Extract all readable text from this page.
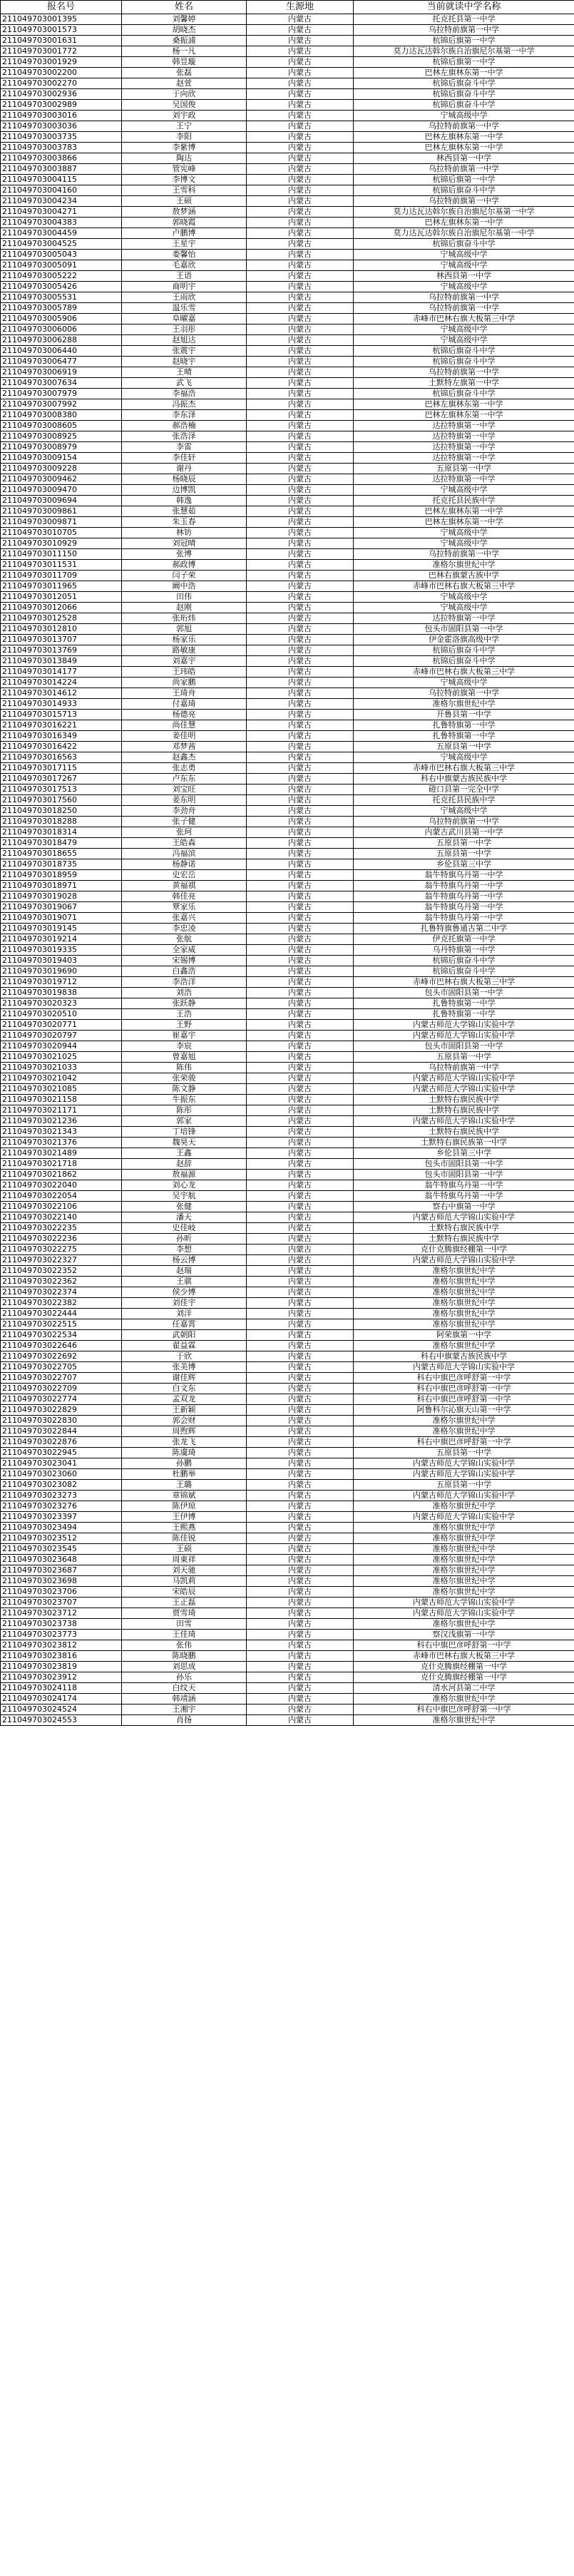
报名号	姓名	生源地	当前就读中学名称
211049703001395	刘馨婷	内蒙古	托克托县第一中学
211049703001573	胡晓杰	内蒙古	乌拉特前旗第一中学
211049703001631	桑振浦	内蒙古	杭锦后旗第一中学
211049703001772	杨一凡	内蒙古	莫力达瓦达斡尔族自治旗尼尔基第一中学
211049703001929	韩昱璇	内蒙古	杭锦后旗第一中学
211049703002200	张磊	内蒙古	巴林左旗林东第一中学
211049703002270	赵萱	内蒙古	杭锦后旗奋斗中学
211049703002936	于向欣	内蒙古	杭锦后旗奋斗中学
211049703002989	吴国俊	内蒙古	杭锦后旗奋斗中学
211049703003016	刘宇政	内蒙古	宁城高级中学
211049703003036	王宁	内蒙古	乌拉特前旗第一中学
211049703003735	李阳	内蒙古	巴林左旗林东第一中学
211049703003783	李紫博	内蒙古	巴林左旗林东第一中学
211049703003866	陶达	内蒙古	林西县第一中学
211049703003887	管宪峰	内蒙古	乌拉特前旗第一中学
211049703004115	李博文	内蒙古	杭锦后旗第一中学
211049703004160	王雪科	内蒙古	杭锦后旗奋斗中学
211049703004234	王硕	内蒙古	乌拉特前旗第一中学
211049703004271	敖梦涵	内蒙古	莫力达瓦达斡尔族自治旗尼尔基第一中学
211049703004383	郭晓霞	内蒙古	巴林左旗林东第一中学
211049703004459	卢鹏博	内蒙古	莫力达瓦达斡尔族自治旗尼尔基第一中学
211049703004525	王星宇	内蒙古	杭锦后旗奋斗中学
211049703005043	娄馨怡	内蒙古	宁城高级中学
211049703005091	毛嘉欣	内蒙古	宁城高级中学
211049703005222	王语	内蒙古	林西县第一中学
211049703005426	商明宇	内蒙古	宁城高级中学
211049703005531	王雨欣	内蒙古	乌拉特前旗第一中学
211049703005789	温乐雪	内蒙古	乌拉特前旗第一中学
211049703005906	阜曜嘉	内蒙古	赤峰市巴林右旗大板第三中学
211049703006006	王羽彤	内蒙古	宁城高级中学
211049703006288	赵旭达	内蒙古	宁城高级中学
211049703006440	张震宇	内蒙古	杭锦后旗奋斗中学
211049703006477	赵晓宇	内蒙古	杭锦后旗奋斗中学
211049703006919	王晴	内蒙古	乌拉特前旗第一中学
211049703007634	武飞	内蒙古	土默特左旗第一中学
211049703007979	李福浩	内蒙古	杭锦后旗奋斗中学
211049703007992	冯振杰	内蒙古	巴林左旗林东第一中学
211049703008380	李东泽	内蒙古	巴林左旗林东第一中学
211049703008605	郝浩楠	内蒙古	达拉特旗第一中学
211049703008925	张浩泽	内蒙古	达拉特旗第一中学
211049703008979	李雷	内蒙古	达拉特旗第一中学
211049703009154	李佳轩	内蒙古	达拉特旗第一中学
211049703009228	谢丹	内蒙古	五原县第一中学
211049703009462	杨晓辰	内蒙古	达拉特旗第一中学
211049703009470	边博凯	内蒙古	宁城高级中学
211049703009694	韩逸	内蒙古	托克托县民族中学
211049703009861	张慧茹	内蒙古	巴林左旗林东第一中学
211049703009871	朱玉春	内蒙古	巴林左旗林东第一中学
211049703010705	林钫	内蒙古	宁城高级中学
211049703010929	刘冠晴	内蒙古	宁城高级中学
211049703011150	张博	内蒙古	乌拉特前旗第一中学
211049703011531	郝政博	内蒙古	准格尔旗世纪中学
211049703011709	闫子荣	内蒙古	巴林右旗蒙古族中学
211049703011965	阚中浩	内蒙古	赤峰市巴林右旗大板第三中学
211049703012051	田伟	内蒙古	宁城高级中学
211049703012066	赵刚	内蒙古	宁城高级中学
211049703012528	张珩炜	内蒙古	达拉特旗第一中学
211049703012810	郭旭	内蒙古	包头市固阳县第一中学
211049703013707	杨家乐	内蒙古	伊金霍洛旗高级中学
211049703013769	路敏康	内蒙古	杭锦后旗奋斗中学
211049703013849	刘嘉宇	内蒙古	杭锦后旗奋斗中学
211049703014177	王玮皓	内蒙古	赤峰市巴林右旗大板第三中学
211049703014224	尚家鹏	内蒙古	宁城高级中学
211049703014612	王琦舟	内蒙古	乌拉特前旗第一中学
211049703014933	付嘉琦	内蒙古	准格尔旗世纪中学
211049703015713	杨德亮	内蒙古	开鲁县第一中学
211049703016221	尚佳慧	内蒙古	扎鲁特旗第一中学
211049703016349	姜佳明	内蒙古	扎鲁特旗第一中学
211049703016422	邓梦茜	内蒙古	五原县第一中学
211049703016563	赵鑫杰	内蒙古	宁城高级中学
211049703017115	张志勇	内蒙古	赤峰市巴林右旗大板第三中学
211049703017267	卢东东	内蒙古	科右中旗蒙古族民族中学
211049703017513	刘宝旺	内蒙古	磴口县第一完全中学
211049703017560	姜东明	内蒙古	托克托县民族中学
211049703018250	李劲舟	内蒙古	宁城高级中学
211049703018288	张子健	内蒙古	乌拉特前旗第一中学
211049703018314	张珂	内蒙古	内蒙古武川县第一中学
211049703018479	王皓森	内蒙古	五原县第一中学
211049703018655	冯福滨	内蒙古	五原县第一中学
211049703018735	杨静诺	内蒙古	乡伦县第三中学
211049703018959	史宏岳	内蒙古	翁牛特旗乌丹第一中学
211049703018971	黄福祺	内蒙古	翁牛特旗乌丹第一中学
211049703019028	韩佳亮	内蒙古	翁牛特旗乌丹第一中学
211049703019067	覃家乐	内蒙古	翁牛特旗乌丹第一中学
211049703019071	张嘉兴	内蒙古	翁牛特旗乌丹第一中学
211049703019145	李忠凌	内蒙古	扎鲁特旗鲁通古第二中学
211049703019214	张航	内蒙古	伊克托旗第一中学
211049703019335	全家威	内蒙古	乌丹特旗第一中学
211049703019403	宋锡博	内蒙古	杭锦后旗奋斗中学
211049703019690	白鑫浩	内蒙古	杭锦后旗奋斗中学
211049703019712	李浩洋	内蒙古	赤峰市巴林右旗大板第三中学
211049703019838	刘浩	内蒙古	包头市固阳县第一中学
211049703020323	张跃静	内蒙古	扎鲁特旗第一中学
211049703020510	王浩	内蒙古	扎鲁特旗第一中学
211049703020771	王野	内蒙古	内蒙古师范大学锦山实验中学
211049703020797	崔嘉宇	内蒙古	内蒙古师范大学锦山实验中学
211049703020944	李宸	内蒙古	包头市固阳县第一中学
211049703021025	曾嘉旭	内蒙古	五原县第一中学
211049703021033	陈伟	内蒙古	乌拉特前旗第一中学
211049703021042	张荣骏	内蒙古	内蒙古师范大学锦山实验中学
211049703021085	陈文静	内蒙古	内蒙古师范大学锦山实验中学
211049703021158	牛振东	内蒙古	土默特右旗民族中学
211049703021171	陈彤	内蒙古	土默特右旗民族中学
211049703021236	郭家	内蒙古	内蒙古师范大学锦山实验中学
211049703021343	丁培锋	内蒙古	土默特右旗民族中学
211049703021376	魏昊天	内蒙古	土默特右旗民族第一中学
211049703021489	王鑫	内蒙古	乡伦县第三中学
211049703021718	赵辞	内蒙古	包头市固阳县第一中学
211049703021862	敖福源	内蒙古	包头市固阳县第一中学
211049703022040	刘心龙	内蒙古	翁牛特旗乌丹第一中学
211049703022054	吴宇航	内蒙古	翁牛特旗乌丹第一中学
211049703022106	张健	内蒙古	察右中旗第一中学
211049703022140	潘天	内蒙古	内蒙古师范大学锦山实验中学
211049703022235	史佳岐	内蒙古	土默特右旗民族中学
211049703022236	孙昕	内蒙古	土默特右旗民族中学
211049703022275	李想	内蒙古	克什克腾旗经棚第一中学
211049703022327	杨云博	内蒙古	内蒙古师范大学锦山实验中学
211049703022352	赵瑞	内蒙古	准格尔旗世纪中学
211049703022362	王骐	内蒙古	准格尔旗世纪中学
211049703022374	侯少博	内蒙古	准格尔旗世纪中学
211049703022382	刘佳宇	内蒙古	准格尔旗世纪中学
211049703022444	刘洋	内蒙古	准格尔旗世纪中学
211049703022515	任嘉霄	内蒙古	准格尔旗世纪中学
211049703022534	武朝阳	内蒙古	阿荣旗第一中学
211049703022646	翟益霖	内蒙古	准格尔旗世纪中学
211049703022692	于欣	内蒙古	科右中旗蒙古族民族中学
211049703022705	张美博	内蒙古	内蒙古师范大学锦山实验中学
211049703022707	谢佳辉	内蒙古	科右中旗巴彦呼舒第一中学
211049703022709	白文东	内蒙古	科右中旗巴彦呼舒第一中学
211049703022774	孟双龙	内蒙古	科右中旗巴彦呼舒第一中学
211049703022829	王新颖	内蒙古	阿鲁科尔沁旗天山第一中学
211049703022830	郭会财	内蒙古	准格尔旗世纪中学
211049703022844	周煦辉	内蒙古	准格尔旗世纪中学
211049703022876	张龙飞	内蒙古	科右中旗巴彦呼舒第一中学
211049703022945	陈虞琦	内蒙古	五原县第一中学
211049703023041	孙鹏	内蒙古	内蒙古师范大学锦山实验中学
211049703023060	杜鹏举	内蒙古	内蒙古师范大学锦山实验中学
211049703023082	王璐	内蒙古	五原县第一中学
211049703023273	章锦斌	内蒙古	内蒙古师范大学锦山实验中学
211049703023276	陈伊琼	内蒙古	准格尔旗世纪中学
211049703023397	王伊博	内蒙古	内蒙古师范大学锦山实验中学
211049703023494	王熙燕	内蒙古	准格尔旗世纪中学
211049703023512	陈佳锐	内蒙古	准格尔旗世纪中学
211049703023545	王硕	内蒙古	准格尔旗世纪中学
211049703023648	周東祥	内蒙古	准格尔旗世纪中学
211049703023687	刘天驰	内蒙古	准格尔旗世纪中学
211049703023698	马凯莉	内蒙古	准格尔旗世纪中学
211049703023706	宋皓辰	内蒙古	准格尔旗世纪中学
211049703023707	王正磊	内蒙古	内蒙古师范大学锦山实验中学
211049703023712	贾雪琦	内蒙古	内蒙古师范大学锦山实验中学
211049703023738	田雪	内蒙古	准格尔旗世纪中学
211049703023773	王佳琦	内蒙古	察汉浅旗第一中学
211049703023812	张伟	内蒙古	科右中旗巴彦呼舒第一中学
211049703023816	陈晓鹏	内蒙古	赤峰市巴林右旗大板第三中学
211049703023819	刘思成	内蒙古	克什克腾旗经棚第一中学
211049703023912	孙乐	内蒙古	克什克腾旗经棚第一中学
211049703024118	白纹天	内蒙古	清水河县第二中学
211049703024174	韩靖涵	内蒙古	准格尔旗世纪中学
211049703024524	王湘宇	内蒙古	科右中旗巴彦呼舒第一中学
211049703024553	肖扬	内蒙古	准格尔旗世纪中学
